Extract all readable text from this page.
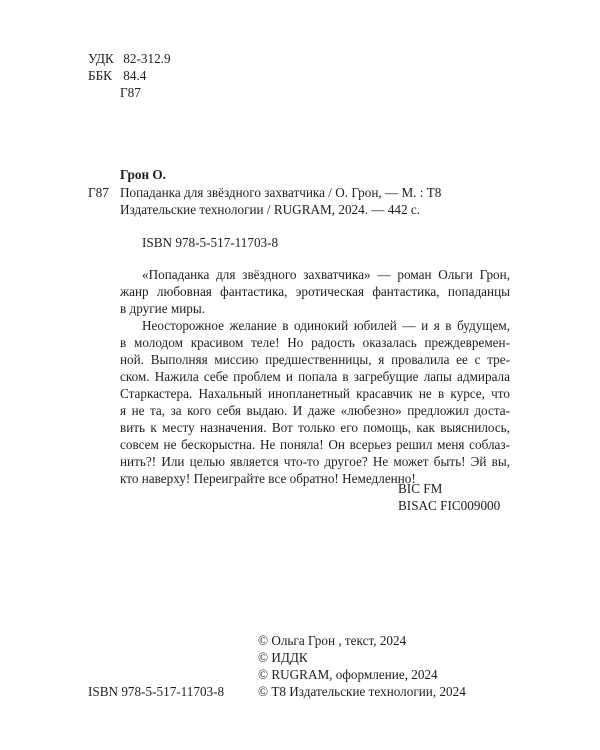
УДК 82-312.9
ББК 84.4
Г87
Грон О.
Г87 Попаданка для звёздного захватчика / О. Грон, — М. : Т8
Издательские технологии / RUGRAM, 2024. — 442 с.
ISBN 978-5-517-11703-8
«Попаданка для звёздного захватчика» — роман Ольги Грон,
жанр любовная фантастика, эротическая фантастика, попаданцы
в другие миры.
Неосторожное желание в одинокий юбилей — и я в будущем,
в молодом красивом теле! Но радость оказалась преждевремен-
ной. Выполняя миссию предшественницы, я провалила ее с тре-
ском. Нажила себе проблем и попала в загребущие лапы адмирала
Старкастера. Нахальный инопланетный красавчик не в курсе, что
я не та, за кого себя выдаю. И даже «любезно» предложил доста-
вить к месту назначения. Вот только его помощь, как выяснилось,
совсем не бескорыстна. Не поняла! Он всерьез решил меня соблаз-
нить?! Или целью является что-то другое? Не может быть! Эй вы,
кто наверху! Переиграйте все обратно! Немедленно!
BIC FM
BISAC FIC009000
© Ольга Грон , текст, 2024
© ИДДК
© RUGRAM, оформление, 2024
ISBN 978-5-517-11703-8	© Т8 Издательские технологии, 2024
